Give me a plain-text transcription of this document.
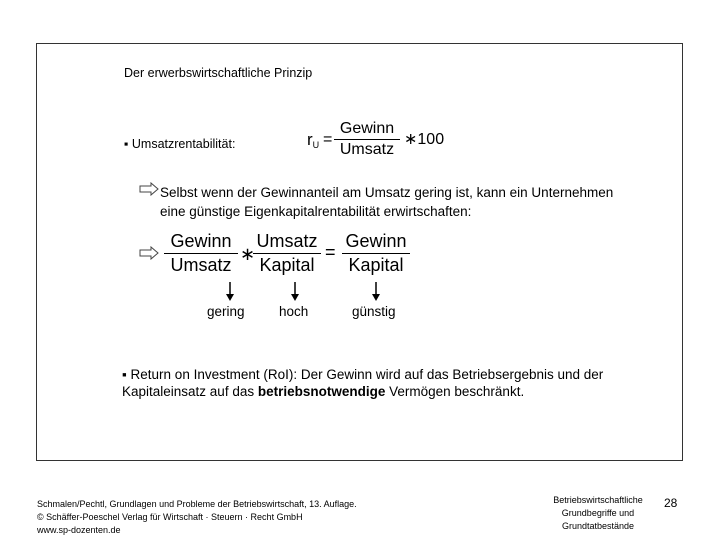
Der erwerbswirtschaftliche Prinzip
▪ Umsatzrentabilität:	$r_U$ =
Gewinn
Umsatz
∗100
Selbst wenn der Gewinnanteil am Umsatz gering ist, kann ein Unternehmen eine günstige Eigenkapitalrentabilität erwirtschaften:
Gewinn
Umsatz
∗
Umsatz
Kapital
=
Gewinn
Kapital
gering	hoch	günstig
▪ Return on Investment (RoI): Der Gewinn wird auf das Betriebsergebnis und der Kapitaleinsatz auf das betriebsnotwendige Vermögen beschränkt.
Schmalen/Pechtl, Grundlagen und Probleme der Betriebswirtschaft, 13. Auflage.
© Schäffer-Poeschel Verlag für Wirtschaft · Steuern · Recht GmbH
www.sp-dozenten.de
Betriebswirtschaftliche
Grundbegriffe und
Grundtatbestände
28
